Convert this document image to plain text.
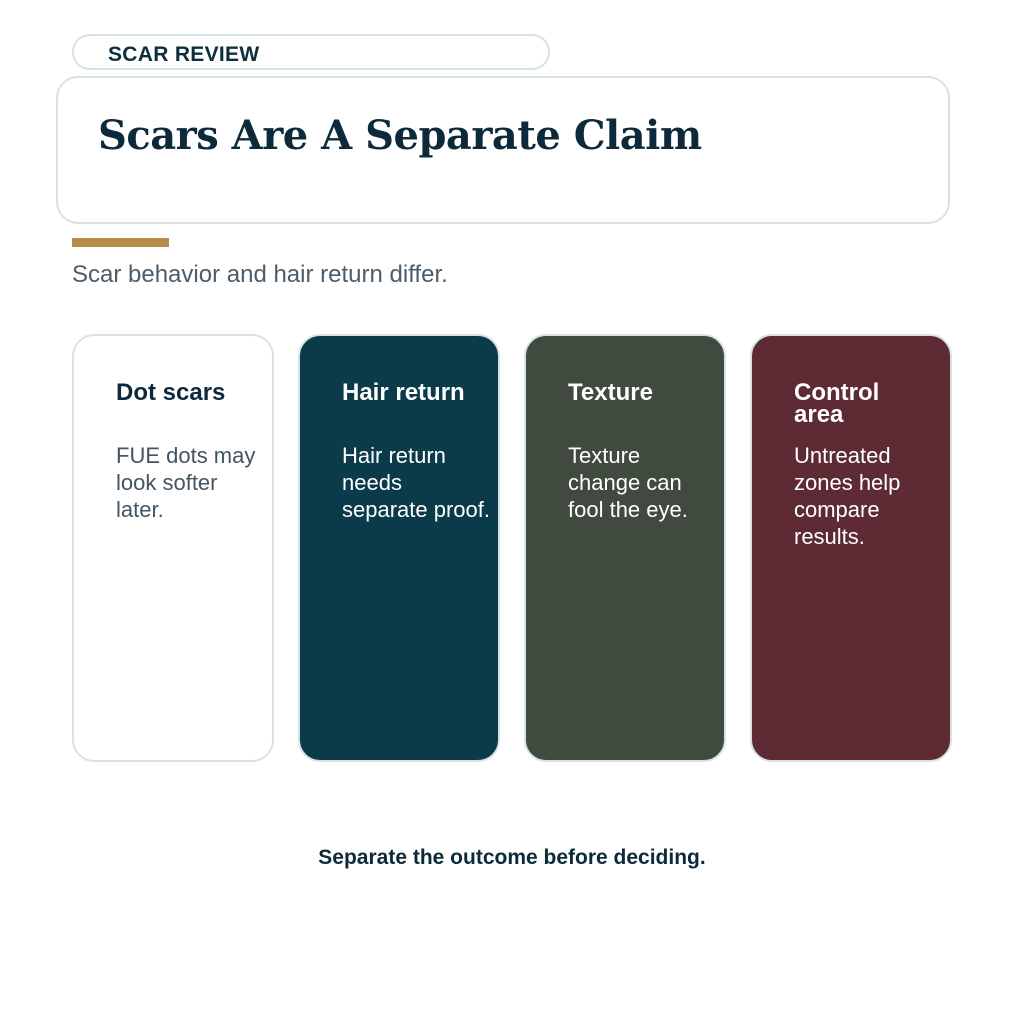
SCAR REVIEW
Scars Are A Separate Claim
Scar behavior and hair return differ.
Dot scars
FUE dots may look softer later.
Hair return
Hair return needs separate proof.
Texture
Texture change can fool the eye.
Control area
Untreated zones help compare results.
Separate the outcome before deciding.
